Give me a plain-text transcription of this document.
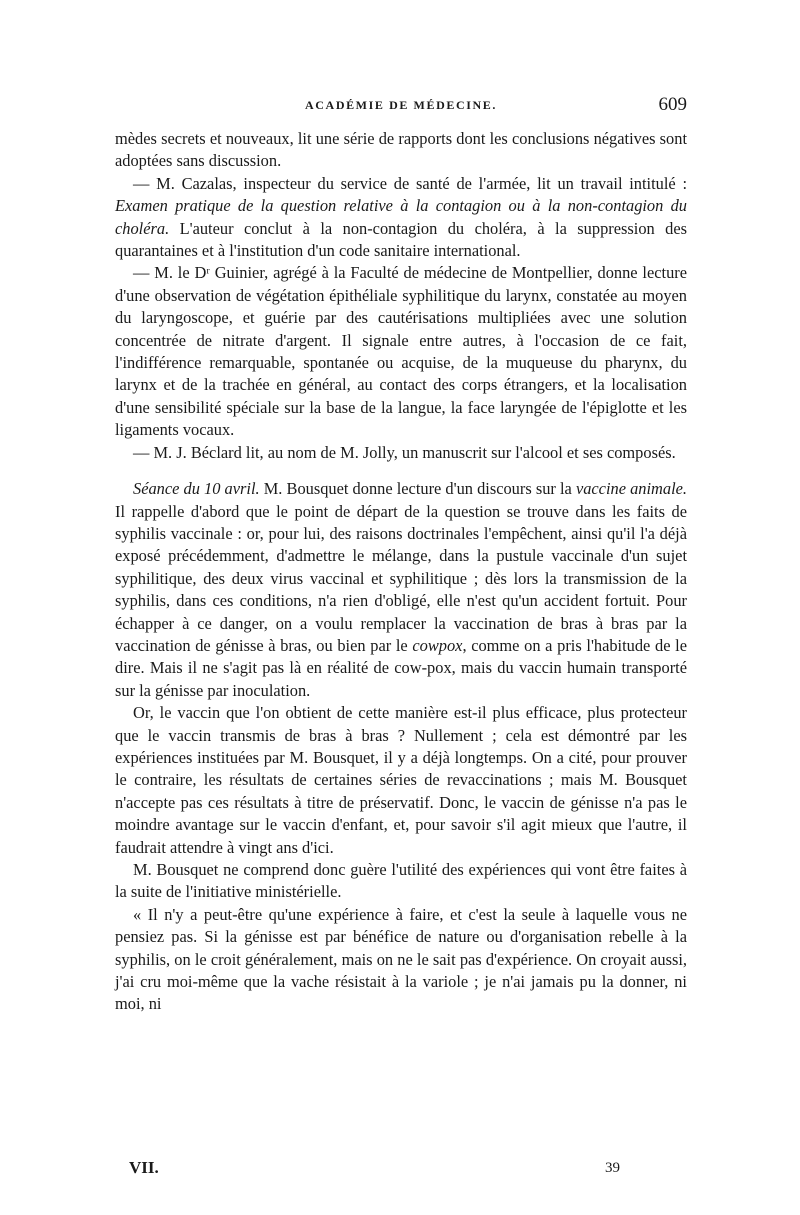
ACADÉMIE DE MÉDECINE.	609

mèdes secrets et nouveaux, lit une série de rapports dont les conclusions négatives sont adoptées sans discussion.

— M. Cazalas, inspecteur du service de santé de l'armée, lit un travail intitulé : Examen pratique de la question relative à la contagion ou à la non-contagion du choléra. L'auteur conclut à la non-contagion du choléra, à la suppression des quarantaines et à l'institution d'un code sanitaire international.

— M. le Dʳ Guinier, agrégé à la Faculté de médecine de Montpellier, donne lecture d'une observation de végétation épithéliale syphilitique du larynx, constatée au moyen du laryngoscope, et guérie par des cautérisations multipliées avec une solution concentrée de nitrate d'argent. Il signale entre autres, à l'occasion de ce fait, l'indifférence remarquable, spontanée ou acquise, de la muqueuse du pharynx, du larynx et de la trachée en général, au contact des corps étrangers, et la localisation d'une sensibilité spéciale sur la base de la langue, la face laryngée de l'épiglotte et les ligaments vocaux.

— M. J. Béclard lit, au nom de M. Jolly, un manuscrit sur l'alcool et ses composés.

Séance du 10 avril. M. Bousquet donne lecture d'un discours sur la vaccine animale. Il rappelle d'abord que le point de départ de la question se trouve dans les faits de syphilis vaccinale : or, pour lui, des raisons doctrinales l'empêchent, ainsi qu'il l'a déjà exposé précédemment, d'admettre le mélange, dans la pustule vaccinale d'un sujet syphilitique, des deux virus vaccinal et syphilitique ; dès lors la transmission de la syphilis, dans ces conditions, n'a rien d'obligé, elle n'est qu'un accident fortuit. Pour échapper à ce danger, on a voulu remplacer la vaccination de bras à bras par la vaccination de génisse à bras, ou bien par le cowpox, comme on a pris l'habitude de le dire. Mais il ne s'agit pas là en réalité de cow-pox, mais du vaccin humain transporté sur la génisse par inoculation.

Or, le vaccin que l'on obtient de cette manière est-il plus efficace, plus protecteur que le vaccin transmis de bras à bras ? Nullement ; cela est démontré par les expériences instituées par M. Bousquet, il y a déjà longtemps. On a cité, pour prouver le contraire, les résultats de certaines séries de revaccinations ; mais M. Bousquet n'accepte pas ces résultats à titre de préservatif. Donc, le vaccin de génisse n'a pas le moindre avantage sur le vaccin d'enfant, et, pour savoir s'il agit mieux que l'autre, il faudrait attendre à vingt ans d'ici.

M. Bousquet ne comprend donc guère l'utilité des expériences qui vont être faites à la suite de l'initiative ministérielle.

« Il n'y a peut-être qu'une expérience à faire, et c'est la seule à laquelle vous ne pensiez pas. Si la génisse est par bénéfice de nature ou d'organisation rebelle à la syphilis, on le croit généralement, mais on ne le sait pas d'expérience. On croyait aussi, j'ai cru moi-même que la vache résistait à la variole ; je n'ai jamais pu la donner, ni moi, ni

VII.	39
